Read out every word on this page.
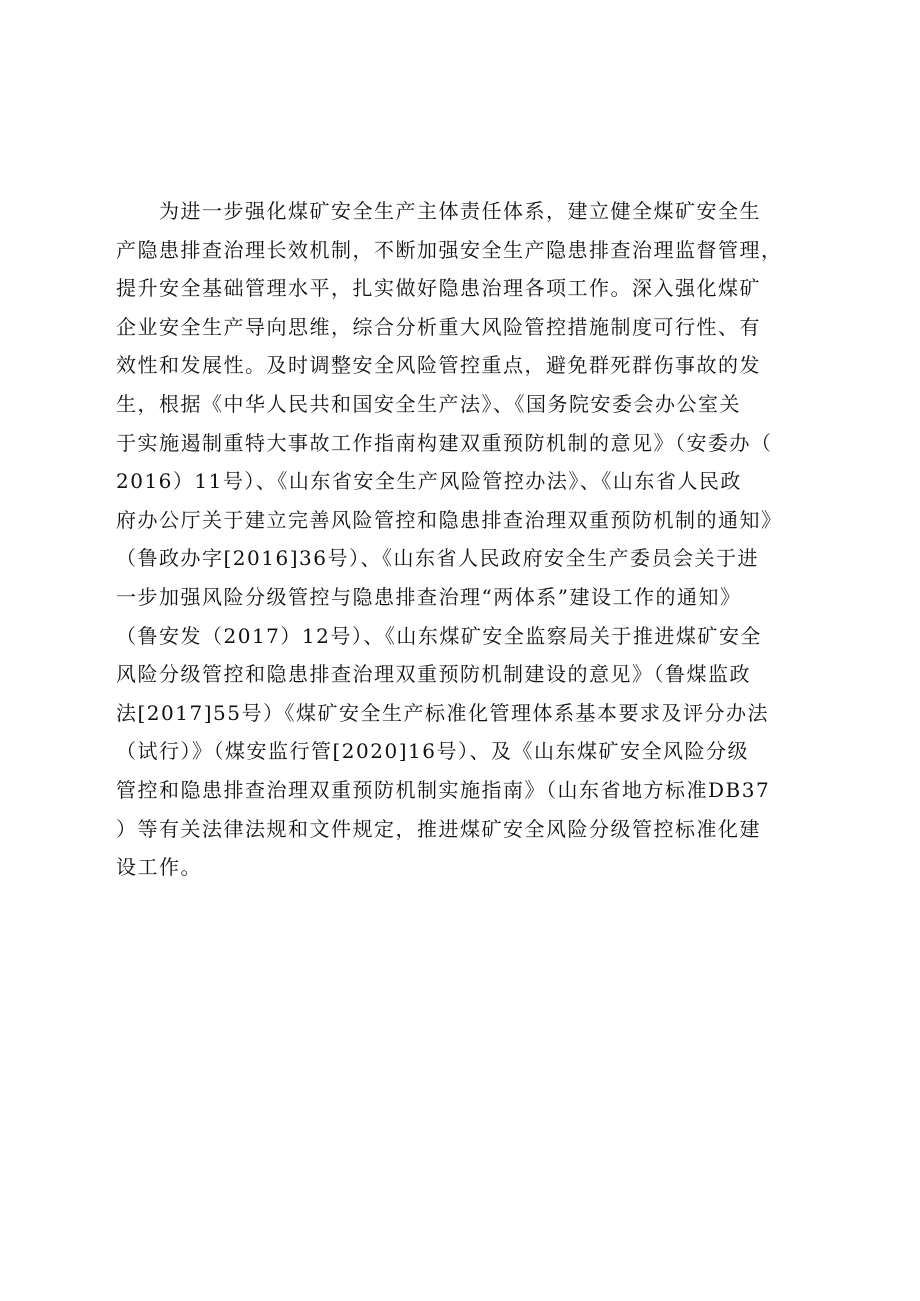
　　为进一步强化煤矿安全生产主体责任体系，建立健全煤矿安全生
产隐患排查治理长效机制，不断加强安全生产隐患排查治理监督管理，
提升安全基础管理水平，扎实做好隐患治理各项工作。深入强化煤矿
企业安全生产导向思维，综合分析重大风险管控措施制度可行性、有
效性和发展性。及时调整安全风险管控重点，避免群死群伤事故的发
生，根据《中华人民共和国安全生产法》、《国务院安委会办公室关
于实施遏制重特大事故工作指南构建双重预防机制的意见》（安委办（
2016）11号）、《山东省安全生产风险管控办法》、《山东省人民政
府办公厅关于建立完善风险管控和隐患排查治理双重预防机制的通知》
（鲁政办字[2016]36号）、《山东省人民政府安全生产委员会关于进
一步加强风险分级管控与隐患排查治理“两体系”建设工作的通知》
（鲁安发（2017）12号）、《山东煤矿安全监察局关于推进煤矿安全
风险分级管控和隐患排查治理双重预防机制建设的意见》（鲁煤监政
法[2017]55号）《煤矿安全生产标准化管理体系基本要求及评分办法
（试行）》（煤安监行管[2020]16号）、及《山东煤矿安全风险分级
管控和隐患排查治理双重预防机制实施指南》（山东省地方标准DB37
）等有关法律法规和文件规定，推进煤矿安全风险分级管控标准化建
设工作。
